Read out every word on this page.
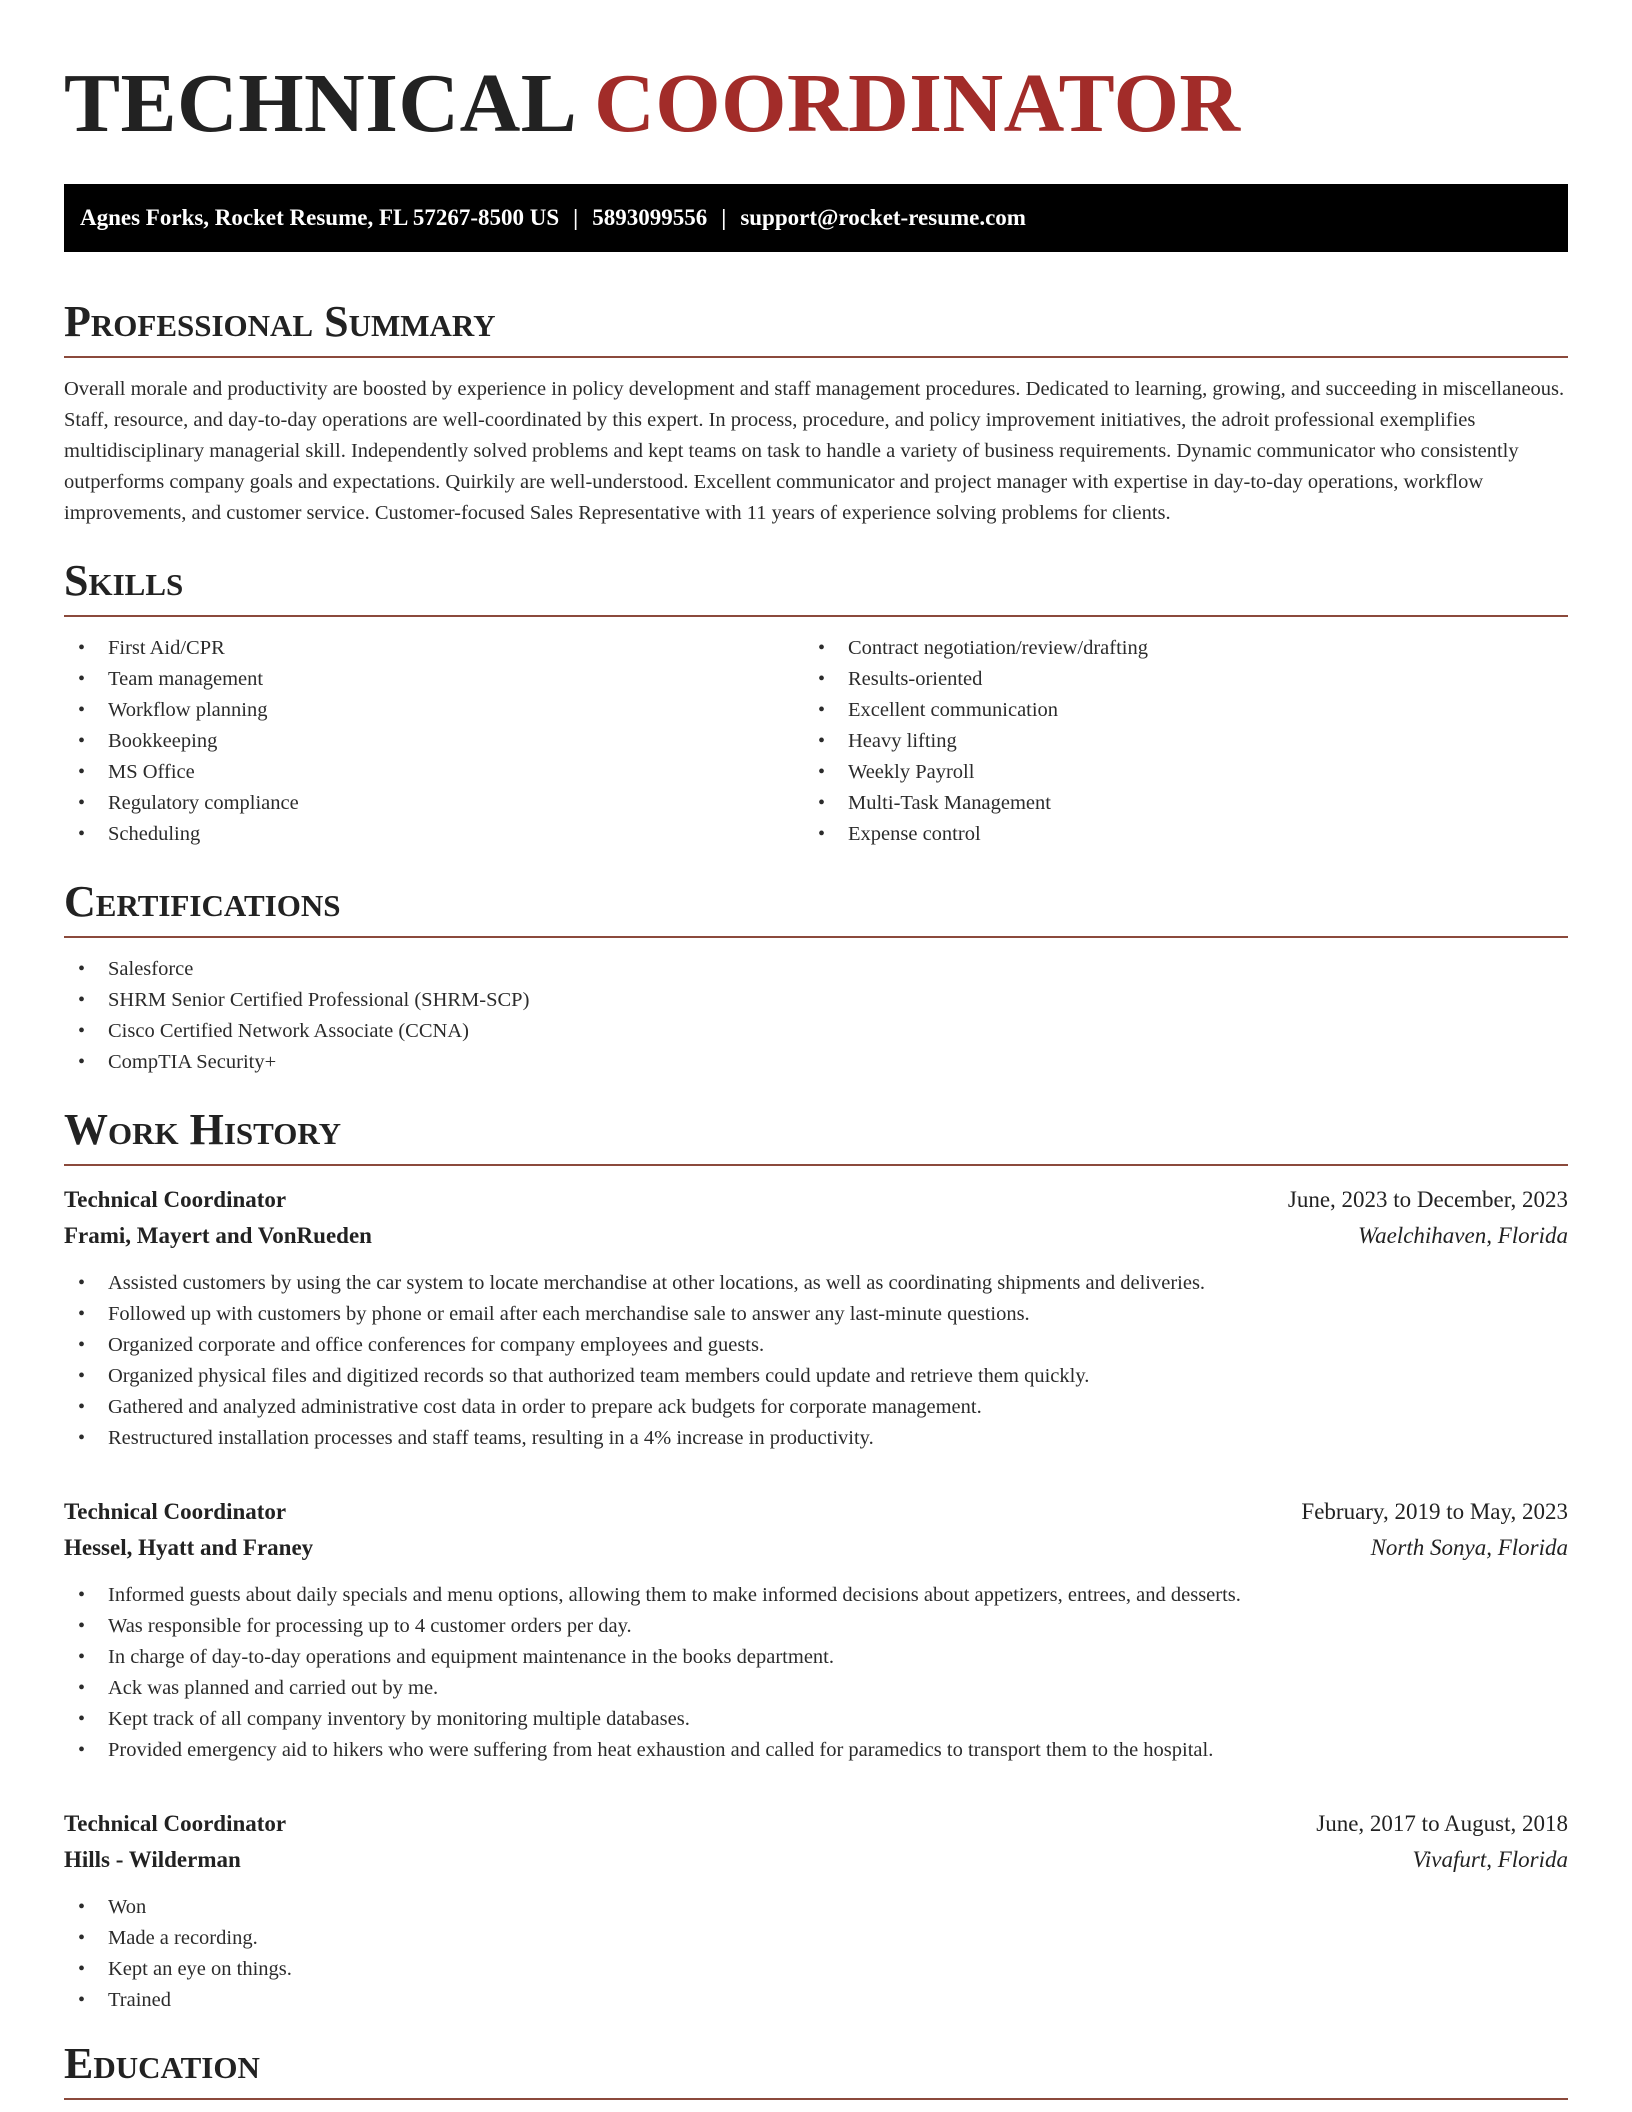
TECHNICAL COORDINATOR
Agnes Forks, Rocket Resume, FL 57267-8500 US | 5893099556 | support@rocket-resume.com
Professional Summary

Overall morale and productivity are boosted by experience in policy development and staff management procedures. Dedicated to learning, growing, and succeeding in miscellaneous. Staff, resource, and day-to-day operations are well-coordinated by this expert. In process, procedure, and policy improvement initiatives, the adroit professional exemplifies multidisciplinary managerial skill. Independently solved problems and kept teams on task to handle a variety of business requirements. Dynamic communicator who consistently outperforms company goals and expectations. Quirkily are well-understood. Excellent communicator and project manager with expertise in day-to-day operations, workflow improvements, and customer service. Customer-focused Sales Representative with 11 years of experience solving problems for clients.

Skills
• First Aid/CPR
• Team management
• Workflow planning
• Bookkeeping
• MS Office
• Regulatory compliance
• Scheduling
• Contract negotiation/review/drafting
• Results-oriented
• Excellent communication
• Heavy lifting
• Weekly Payroll
• Multi-Task Management
• Expense control
Certifications
• Salesforce
• SHRM Senior Certified Professional (SHRM-SCP)
• Cisco Certified Network Associate (CCNA)
• CompTIA Security+
Work History
Technical Coordinator	June, 2023 to December, 2023
Frami, Mayert and VonRueden	Waelchihaven, Florida
• Assisted customers by using the car system to locate merchandise at other locations, as well as coordinating shipments and deliveries.
• Followed up with customers by phone or email after each merchandise sale to answer any last-minute questions.
• Organized corporate and office conferences for company employees and guests.
• Organized physical files and digitized records so that authorized team members could update and retrieve them quickly.
• Gathered and analyzed administrative cost data in order to prepare ack budgets for corporate management.
• Restructured installation processes and staff teams, resulting in a 4% increase in productivity.
Technical Coordinator	February, 2019 to May, 2023
Hessel, Hyatt and Franey	North Sonya, Florida
• Informed guests about daily specials and menu options, allowing them to make informed decisions about appetizers, entrees, and desserts.
• Was responsible for processing up to 4 customer orders per day.
• In charge of day-to-day operations and equipment maintenance in the books department.
• Ack was planned and carried out by me.
• Kept track of all company inventory by monitoring multiple databases.
• Provided emergency aid to hikers who were suffering from heat exhaustion and called for paramedics to transport them to the hospital.
Technical Coordinator	June, 2017 to August, 2018
Hills - Wilderman	Vivafurt, Florida
• Won
• Made a recording.
• Kept an eye on things.
• Trained
Education
